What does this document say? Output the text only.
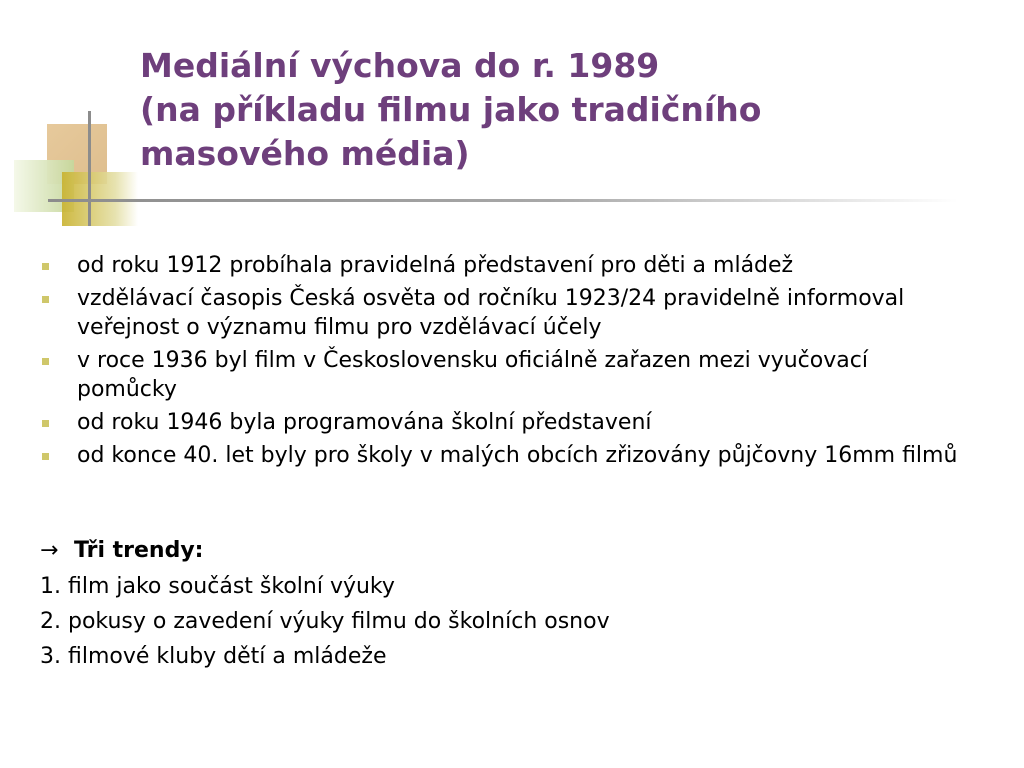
Mediální výchova do r. 1989
(na příkladu filmu jako tradičního
masového média)
od roku 1912 probíhala pravidelná představení pro děti a mládež
vzdělávací časopis Česká osvěta od ročníku 1923/24 pravidelně informoval veřejnost o významu filmu pro vzdělávací účely
v roce 1936 byl film v Československu oficiálně zařazen mezi vyučovací pomůcky
od roku 1946 byla programována školní představení
od konce 40. let byly pro školy v malých obcích zřizovány půjčovny 16mm filmů
→ Tři trendy:
1. film jako součást školní výuky
2. pokusy o zavedení výuky filmu do školních osnov
3. filmové kluby dětí a mládeže
